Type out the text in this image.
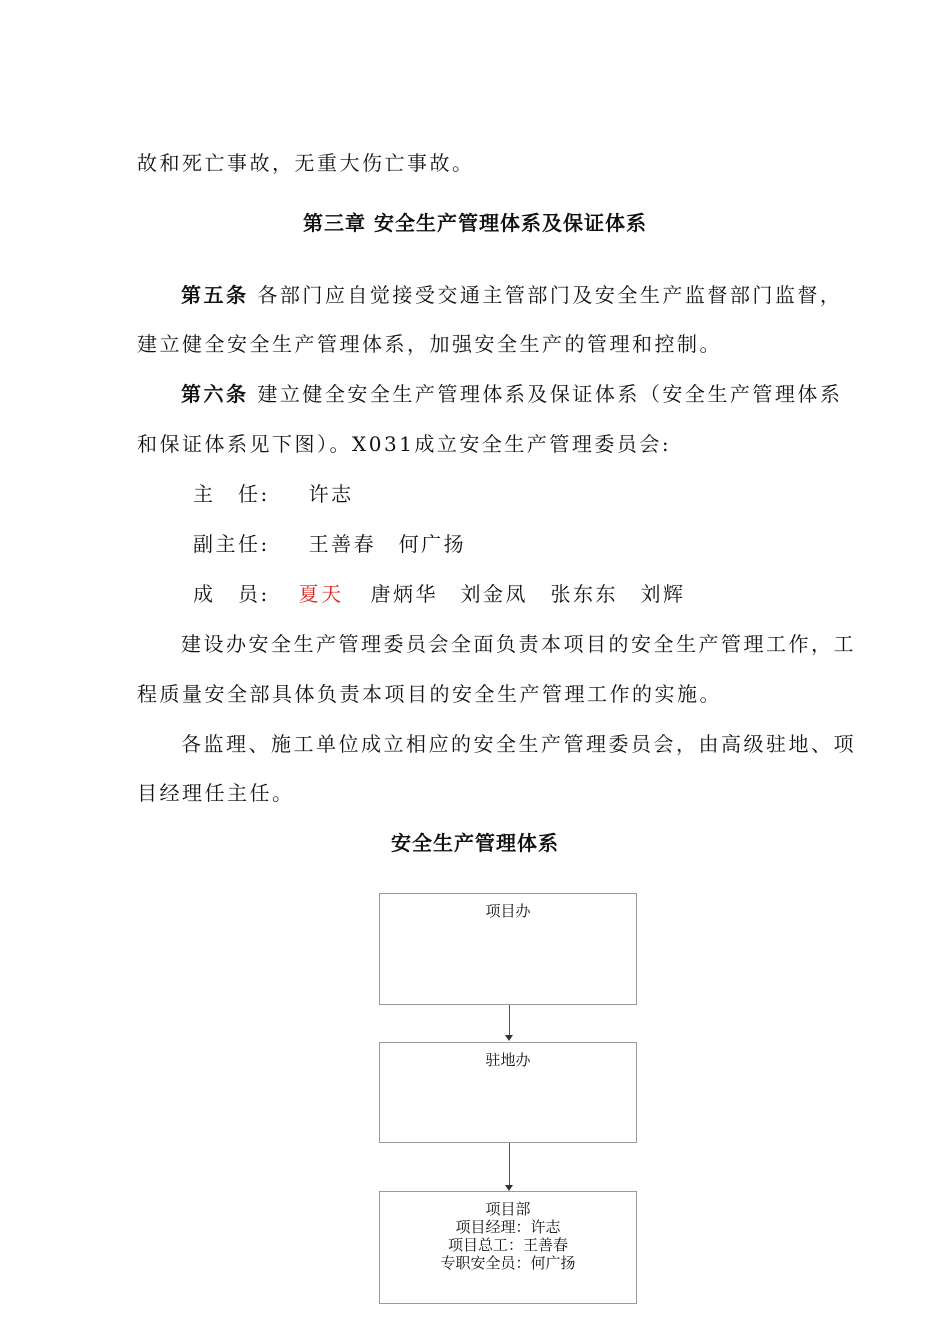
故和死亡事故，无重大伤亡事故。
第三章 安全生产管理体系及保证体系
第五条 各部门应自觉接受交通主管部门及安全生产监督部门监督，
建立健全安全生产管理体系，加强安全生产的管理和控制。
第六条 建立健全安全生产管理体系及保证体系（安全生产管理体系
和保证体系见下图）。X031成立安全生产管理委员会:
主　任: 许志
副主任: 王善春　何广扬
成　员: 夏天 唐炳华　刘金凤　张东东　刘辉
建设办安全生产管理委员会全面负责本项目的安全生产管理工作，工
程质量安全部具体负责本项目的安全生产管理工作的实施。
各监理、施工单位成立相应的安全生产管理委员会，由高级驻地、项
目经理任主任。
安全生产管理体系
项目办
驻地办
项目部
项目经理：许志
项目总工：王善春
专职安全员：何广扬
